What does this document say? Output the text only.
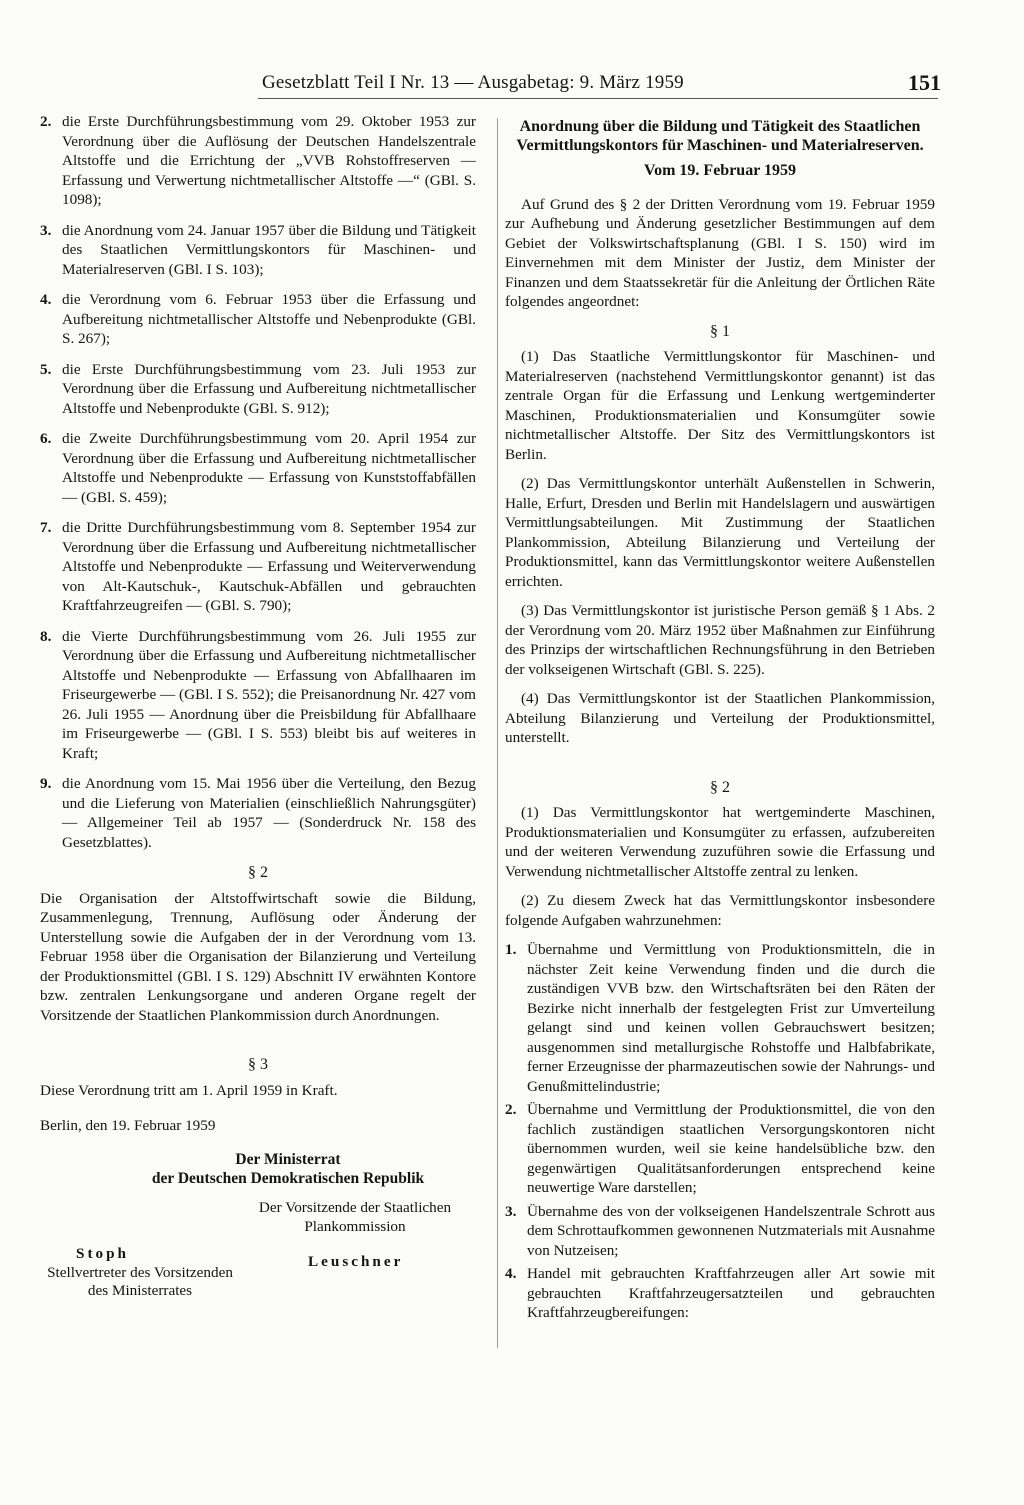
Gesetzblatt Teil I Nr. 13 — Ausgabetag: 9. März 1959	151
2. die Erste Durchführungsbestimmung vom 29. Oktober 1953 zur Verordnung über die Auflösung der Deutschen Handelszentrale Altstoffe und die Errichtung der „VVB Rohstoffreserven — Erfassung und Verwertung nichtmetallischer Altstoffe —“ (GBl. S. 1098);
3. die Anordnung vom 24. Januar 1957 über die Bildung und Tätigkeit des Staatlichen Vermittlungskontors für Maschinen- und Materialreserven (GBl. I S. 103);
4. die Verordnung vom 6. Februar 1953 über die Erfassung und Aufbereitung nichtmetallischer Altstoffe und Nebenprodukte (GBl. S. 267);
5. die Erste Durchführungsbestimmung vom 23. Juli 1953 zur Verordnung über die Erfassung und Aufbereitung nichtmetallischer Altstoffe und Nebenprodukte (GBl. S. 912);
6. die Zweite Durchführungsbestimmung vom 20. April 1954 zur Verordnung über die Erfassung und Aufbereitung nichtmetallischer Altstoffe und Nebenprodukte — Erfassung von Kunststoffabfällen — (GBl. S. 459);
7. die Dritte Durchführungsbestimmung vom 8. September 1954 zur Verordnung über die Erfassung und Aufbereitung nichtmetallischer Altstoffe und Nebenprodukte — Erfassung und Weiterverwendung von Alt-Kautschuk-, Kautschuk-Abfällen und gebrauchten Kraftfahrzeugreifen — (GBl. S. 790);
8. die Vierte Durchführungsbestimmung vom 26. Juli 1955 zur Verordnung über die Erfassung und Aufbereitung nichtmetallischer Altstoffe und Nebenprodukte — Erfassung von Abfallhaaren im Friseurgewerbe — (GBl. I S. 552); die Preisanordnung Nr. 427 vom 26. Juli 1955 — Anordnung über die Preisbildung für Abfallhaare im Friseurgewerbe — (GBl. I S. 553) bleibt bis auf weiteres in Kraft;
9. die Anordnung vom 15. Mai 1956 über die Verteilung, den Bezug und die Lieferung von Materialien (einschließlich Nahrungsgüter) — Allgemeiner Teil ab 1957 — (Sonderdruck Nr. 158 des Gesetzblattes).
§ 2

Die Organisation der Altstoffwirtschaft sowie die Bildung, Zusammenlegung, Trennung, Auflösung oder Änderung der Unterstellung sowie die Aufgaben der in der Verordnung vom 13. Februar 1958 über die Organisation der Bilanzierung und Verteilung der Produktionsmittel (GBl. I S. 129) Abschnitt IV erwähnten Kontore bzw. zentralen Lenkungsorgane und anderen Organe regelt der Vorsitzende der Staatlichen Plankommission durch Anordnungen.

§ 3

Diese Verordnung tritt am 1. April 1959 in Kraft.

Berlin, den 19. Februar 1959
Der Ministerrat
der Deutschen Demokratischen Republik
Der Vorsitzende der Staatlichen Plankommission
Stoph	Leuschner
Stellvertreter des Vorsitzenden des Ministerrates
Anordnung über die Bildung und Tätigkeit des Staatlichen Vermittlungskontors für Maschinen- und Materialreserven.
Vom 19. Februar 1959

Auf Grund des § 2 der Dritten Verordnung vom 19. Februar 1959 zur Aufhebung und Änderung gesetzlicher Bestimmungen auf dem Gebiet der Volkswirtschaftsplanung (GBl. I S. 150) wird im Einvernehmen mit dem Minister der Justiz, dem Minister der Finanzen und dem Staatssekretär für die Anleitung der Örtlichen Räte folgendes angeordnet:

§ 1

(1) Das Staatliche Vermittlungskontor für Maschinen- und Materialreserven (nachstehend Vermittlungskontor genannt) ist das zentrale Organ für die Erfassung und Lenkung wertgeminderter Maschinen, Produktionsmaterialien und Konsumgüter sowie nichtmetallischer Altstoffe. Der Sitz des Vermittlungskontors ist Berlin.

(2) Das Vermittlungskontor unterhält Außenstellen in Schwerin, Halle, Erfurt, Dresden und Berlin mit Handelslagern und auswärtigen Vermittlungsabteilungen. Mit Zustimmung der Staatlichen Plankommission, Abteilung Bilanzierung und Verteilung der Produktionsmittel, kann das Vermittlungskontor weitere Außenstellen errichten.

(3) Das Vermittlungskontor ist juristische Person gemäß § 1 Abs. 2 der Verordnung vom 20. März 1952 über Maßnahmen zur Einführung des Prinzips der wirtschaftlichen Rechnungsführung in den Betrieben der volkseigenen Wirtschaft (GBl. S. 225).

(4) Das Vermittlungskontor ist der Staatlichen Plankommission, Abteilung Bilanzierung und Verteilung der Produktionsmittel, unterstellt.

§ 2

(1) Das Vermittlungskontor hat wertgeminderte Maschinen, Produktionsmaterialien und Konsumgüter zu erfassen, aufzubereiten und der weiteren Verwendung zuzuführen sowie die Erfassung und Verwendung nichtmetallischer Altstoffe zentral zu lenken.

(2) Zu diesem Zweck hat das Vermittlungskontor insbesondere folgende Aufgaben wahrzunehmen:

1. Übernahme und Vermittlung von Produktionsmitteln, die in nächster Zeit keine Verwendung finden und die durch die zuständigen VVB bzw. den Wirtschaftsräten bei den Räten der Bezirke nicht innerhalb der festgelegten Frist zur Umverteilung gelangt sind und keinen vollen Gebrauchswert besitzen; ausgenommen sind metallurgische Rohstoffe und Halbfabrikate, ferner Erzeugnisse der pharmazeutischen sowie der Nahrungs- und Genußmittelindustrie;
2. Übernahme und Vermittlung der Produktionsmittel, die von den fachlich zuständigen staatlichen Versorgungskontoren nicht übernommen wurden, weil sie keine handelsübliche bzw. den gegenwärtigen Qualitätsanforderungen entsprechend keine neuwertige Ware darstellen;
3. Übernahme des von der volkseigenen Handelszentrale Schrott aus dem Schrottaufkommen gewonnenen Nutzmaterials mit Ausnahme von Nutzeisen;
4. Handel mit gebrauchten Kraftfahrzeugen aller Art sowie mit gebrauchten Kraftfahrzeugersatzteilen und gebrauchten Kraftfahrzeugbereifungen:
